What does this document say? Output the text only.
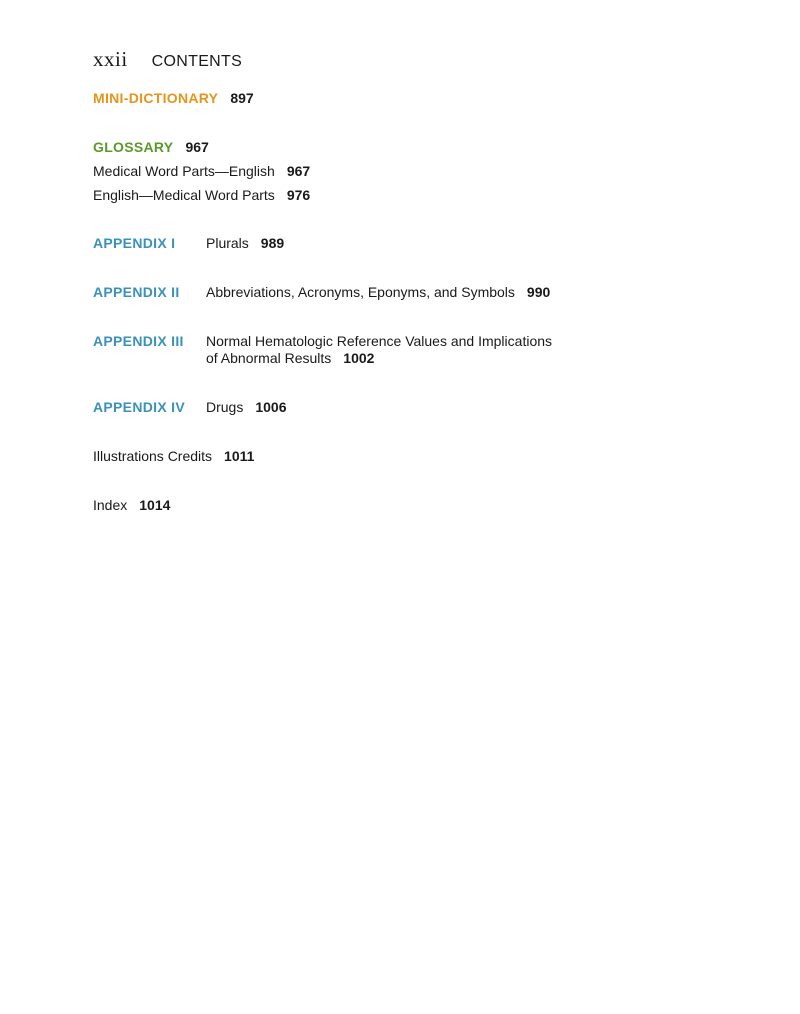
xxii CONTENTS
MINI-DICTIONARY 897
GLOSSARY 967
Medical Word Parts—English 967
English—Medical Word Parts 976
APPENDIX I	Plurals 989
APPENDIX II	Abbreviations, Acronyms, Eponyms, and Symbols 990
APPENDIX III	Normal Hematologic Reference Values and Implications
of Abnormal Results 1002
APPENDIX IV	Drugs 1006
Illustrations Credits 1011
Index 1014
